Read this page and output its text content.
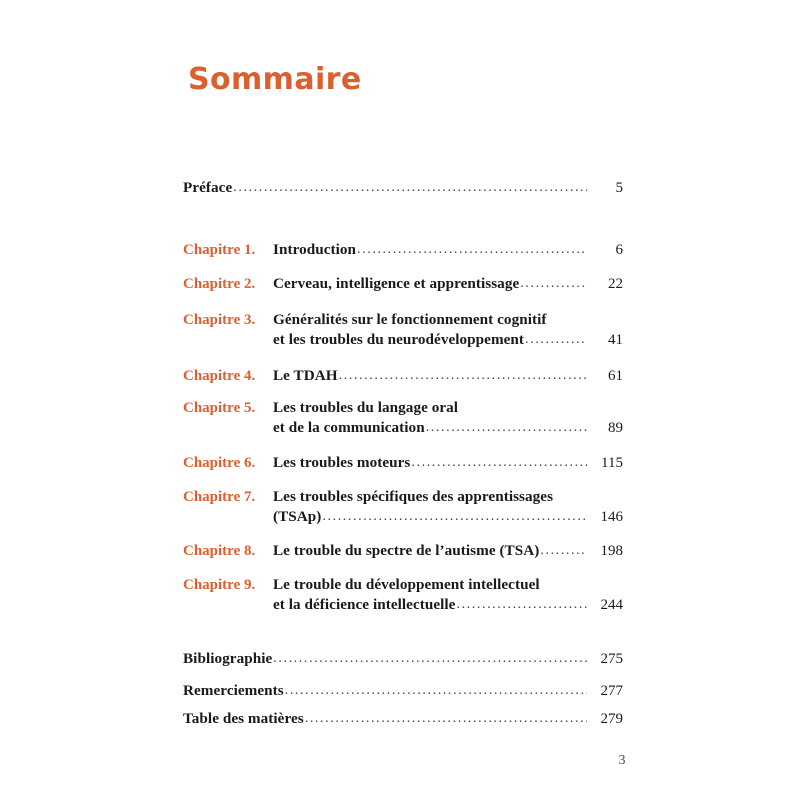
Sommaire
Préface .....	5
Chapitre 1.	Introduction .....	6
Chapitre 2.	Cerveau, intelligence et apprentissage .....	22
Chapitre 3.	Généralités sur le fonctionnement cognitif
et les troubles du neurodéveloppement .....	41
Chapitre 4.	Le TDAH .....	61
Chapitre 5.	Les troubles du langage oral
et de la communication .....	89
Chapitre 6.	Les troubles moteurs .....	115
Chapitre 7.	Les troubles spécifiques des apprentissages
(TSAp) .....	146
Chapitre 8.	Le trouble du spectre de l’autisme (TSA) .....	198
Chapitre 9.	Le trouble du développement intellectuel
et la déficience intellectuelle .....	244
Bibliographie .....	275
Remerciements .....	277
Table des matières .....	279
3
